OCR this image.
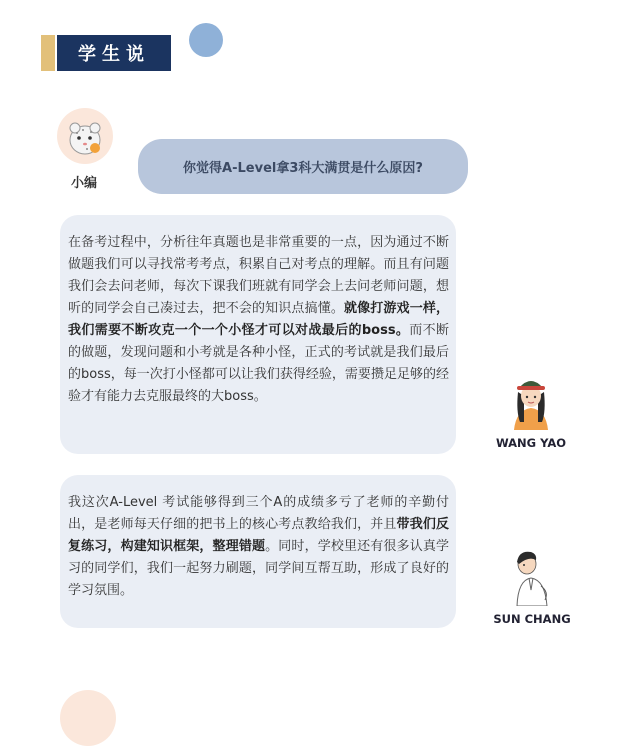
学生说
小编
你觉得A-Level拿3科大满贯是什么原因?
在备考过程中，分析往年真题也是非常重要的一点，因为通过不断做题我们可以寻找常考考点，积累自己对考点的理解。而且有问题我们会去问老师，每次下课我们班就有同学会上去问老师问题，想听的同学会自己凑过去，把不会的知识点搞懂。就像打游戏一样，我们需要不断攻克一个一个小怪才可以对战最后的boss。而不断的做题，发现问题和小考就是各种小怪，正式的考试就是我们最后的boss，每一次打小怪都可以让我们获得经验，需要攒足足够的经验才有能力去克服最终的大boss。
WANG YAO
我这次A-Level 考试能够得到三个A的成绩多亏了老师的辛勤付出，是老师每天仔细的把书上的核心考点教给我们，并且带我们反复练习，构建知识框架，整理错题。同时，学校里还有很多认真学习的同学们，我们一起努力刷题，同学间互帮互助，形成了良好的学习氛围。
SUN CHANG
